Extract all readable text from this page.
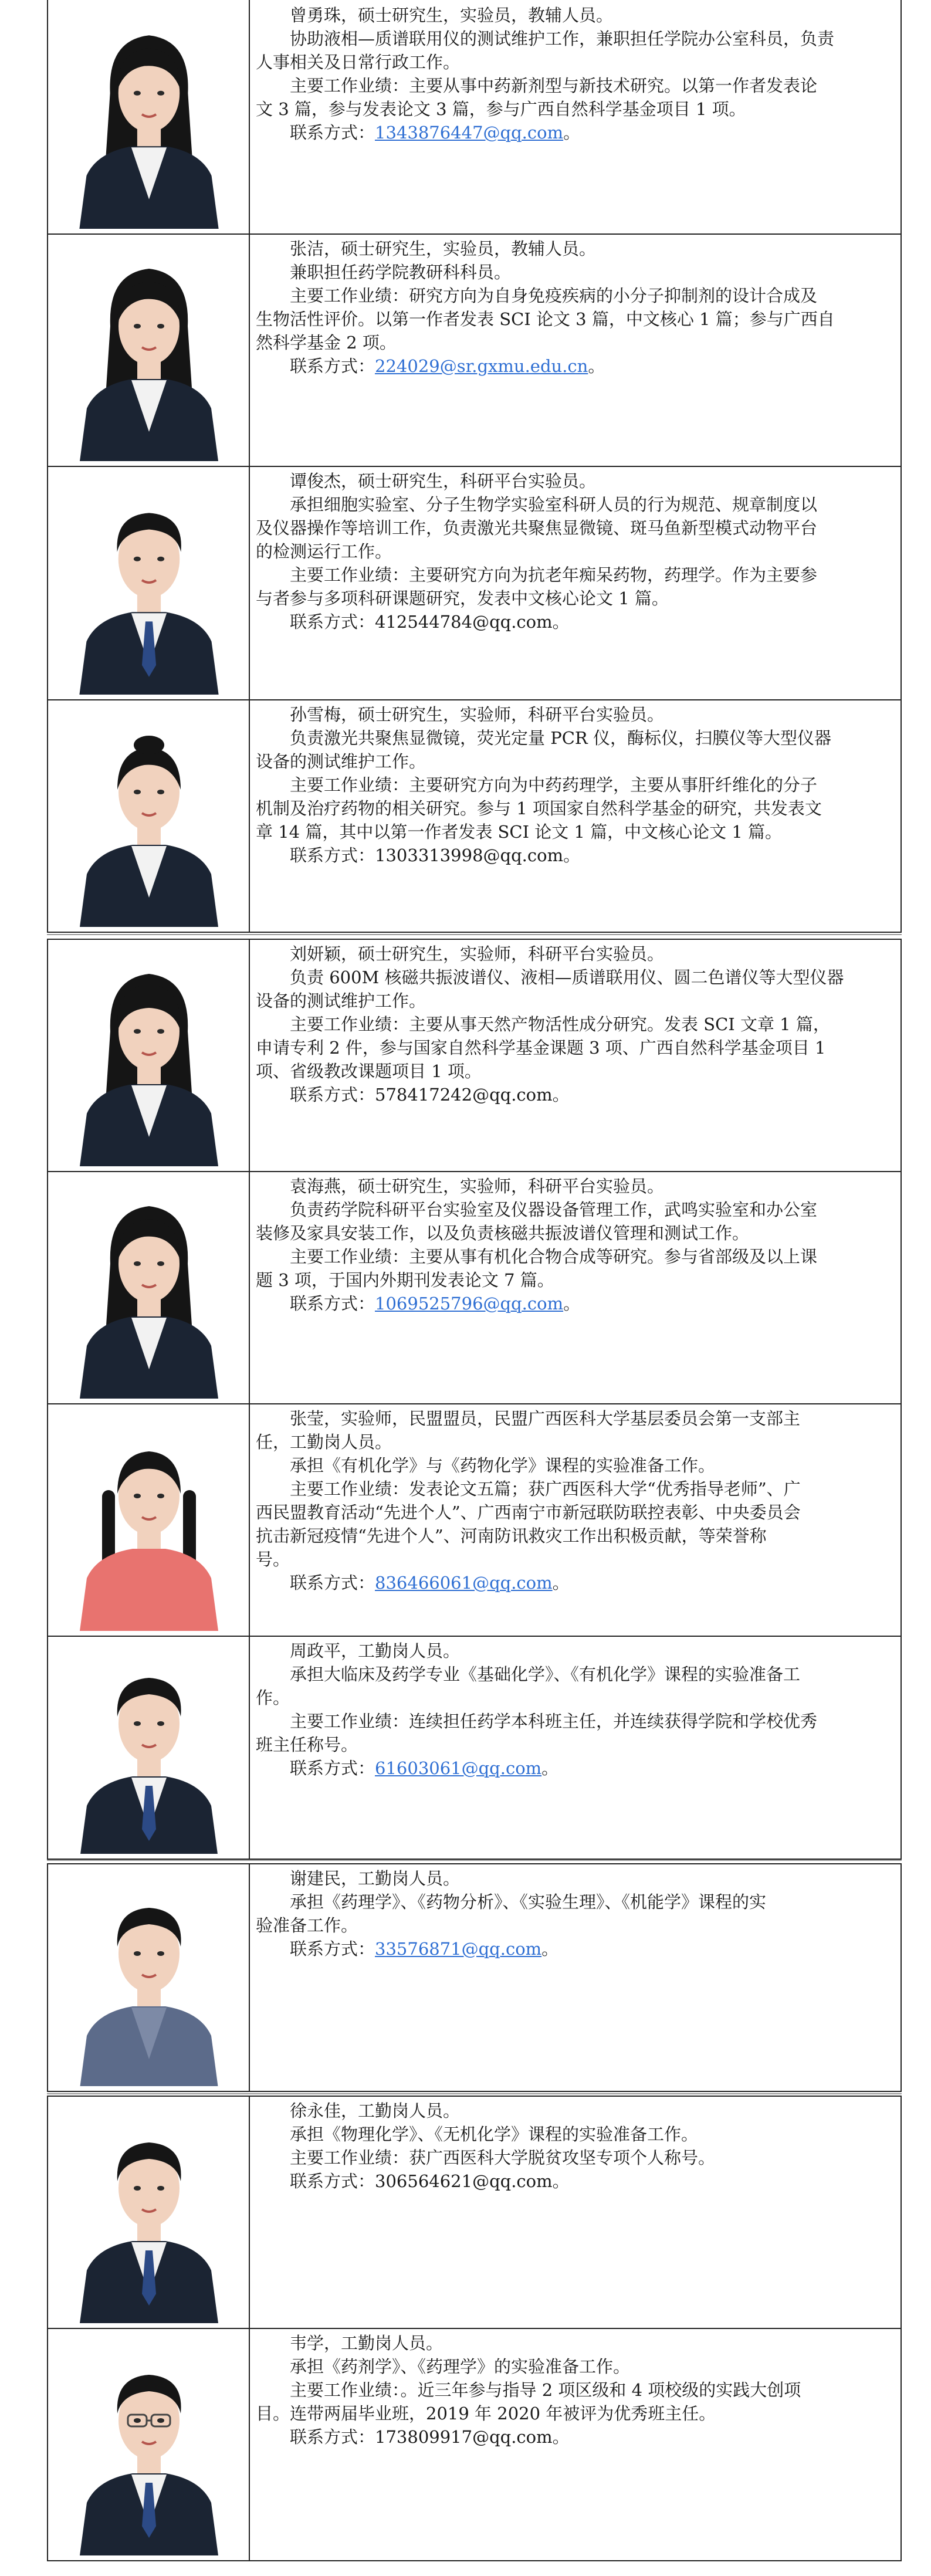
曾勇珠，硕士研究生，实验员，教辅人员。
协助液相—质谱联用仪的测试维护工作，兼职担任学院办公室科员，负责
人事相关及日常行政工作。
主要工作业绩：主要从事中药新剂型与新技术研究。以第一作者发表论
文 3 篇，参与发表论文 3 篇，参与广西自然科学基金项目 1 项。
联系方式：1343876447@qq.com。
张洁，硕士研究生，实验员，教辅人员。
兼职担任药学院教研科科员。
主要工作业绩：研究方向为自身免疫疾病的小分子抑制剂的设计合成及
生物活性评价。以第一作者发表 SCI 论文 3 篇，中文核心 1 篇；参与广西自
然科学基金 2 项。
联系方式：224029@sr.gxmu.edu.cn。
谭俊杰，硕士研究生，科研平台实验员。
承担细胞实验室、分子生物学实验室科研人员的行为规范、规章制度以
及仪器操作等培训工作，负责激光共聚焦显微镜、斑马鱼新型模式动物平台
的检测运行工作。
主要工作业绩：主要研究方向为抗老年痴呆药物，药理学。作为主要参
与者参与多项科研课题研究，发表中文核心论文 1 篇。
联系方式：412544784@qq.com。
孙雪梅，硕士研究生，实验师，科研平台实验员。
负责激光共聚焦显微镜，荧光定量 PCR 仪，酶标仪，扫膜仪等大型仪器
设备的测试维护工作。
主要工作业绩：主要研究方向为中药药理学，主要从事肝纤维化的分子
机制及治疗药物的相关研究。参与 1 项国家自然科学基金的研究，共发表文
章 14 篇，其中以第一作者发表 SCI 论文 1 篇，中文核心论文 1 篇。
联系方式：1303313998@qq.com。
刘妍颖，硕士研究生，实验师，科研平台实验员。
负责 600M 核磁共振波谱仪、液相—质谱联用仪、圆二色谱仪等大型仪器
设备的测试维护工作。
主要工作业绩：主要从事天然产物活性成分研究。发表 SCI 文章 1 篇，
申请专利 2 件，参与国家自然科学基金课题 3 项、广西自然科学基金项目 1
项、省级教改课题项目 1 项。
联系方式：578417242@qq.com。
袁海燕，硕士研究生，实验师，科研平台实验员。
负责药学院科研平台实验室及仪器设备管理工作，武鸣实验室和办公室
装修及家具安装工作，以及负责核磁共振波谱仪管理和测试工作。
主要工作业绩：主要从事有机化合物合成等研究。参与省部级及以上课
题 3 项，于国内外期刊发表论文 7 篇。
联系方式：1069525796@qq.com。
张莹，实验师，民盟盟员，民盟广西医科大学基层委员会第一支部主
任，工勤岗人员。
承担《有机化学》与《药物化学》课程的实验准备工作。
主要工作业绩：发表论文五篇；获广西医科大学“优秀指导老师”、广
西民盟教育活动“先进个人”、广西南宁市新冠联防联控表彰、中央委员会
抗击新冠疫情“先进个人”、河南防讯救灾工作出积极贡献，等荣誉称
号。
联系方式：836466061@qq.com。
周政平，工勤岗人员。
承担大临床及药学专业《基础化学》、《有机化学》课程的实验准备工
作。
主要工作业绩：连续担任药学本科班主任，并连续获得学院和学校优秀
班主任称号。
联系方式：61603061@qq.com。
谢建民，工勤岗人员。
承担《药理学》、《药物分析》、《实验生理》、《机能学》课程的实
验准备工作。
联系方式：33576871@qq.com。
徐永佳，工勤岗人员。
承担《物理化学》、《无机化学》课程的实验准备工作。
主要工作业绩：获广西医科大学脱贫攻坚专项个人称号。
联系方式：306564621@qq.com。
韦学，工勤岗人员。
承担《药剂学》、《药理学》的实验准备工作。
主要工作业绩：。近三年参与指导 2 项区级和 4 项校级的实践大创项
目。连带两届毕业班，2019 年 2020 年被评为优秀班主任。
联系方式：173809917@qq.com。
